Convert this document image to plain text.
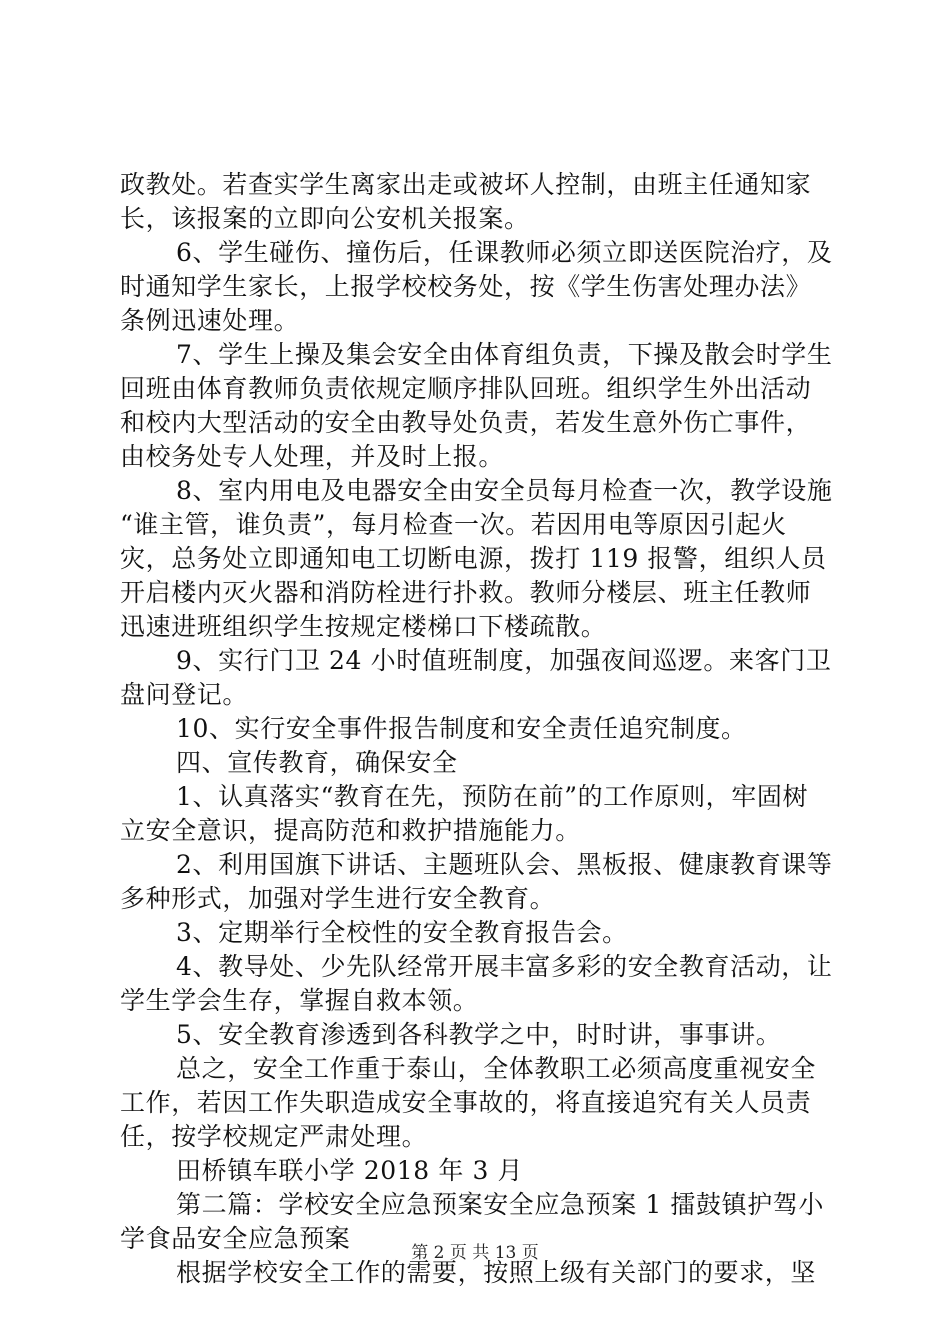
政教处。若查实学生离家出走或被坏人控制，由班主任通知家
长，该报案的立即向公安机关报案。
6、学生碰伤、撞伤后，任课教师必须立即送医院治疗，及
时通知学生家长，上报学校校务处，按《学生伤害处理办法》
条例迅速处理。
7、学生上操及集会安全由体育组负责，下操及散会时学生
回班由体育教师负责依规定顺序排队回班。组织学生外出活动
和校内大型活动的安全由教导处负责，若发生意外伤亡事件，
由校务处专人处理，并及时上报。
8、室内用电及电器安全由安全员每月检查一次，教学设施
“谁主管，谁负责”，每月检查一次。若因用电等原因引起火
灾，总务处立即通知电工切断电源，拨打 119 报警，组织人员
开启楼内灭火器和消防栓进行扑救。教师分楼层、班主任教师
迅速进班组织学生按规定楼梯口下楼疏散。
9、实行门卫 24 小时值班制度，加强夜间巡逻。来客门卫
盘问登记。
10、实行安全事件报告制度和安全责任追究制度。
四、宣传教育，确保安全
1、认真落实“教育在先，预防在前”的工作原则，牢固树
立安全意识，提高防范和救护措施能力。
2、利用国旗下讲话、主题班队会、黑板报、健康教育课等
多种形式，加强对学生进行安全教育。
3、定期举行全校性的安全教育报告会。
4、教导处、少先队经常开展丰富多彩的安全教育活动，让
学生学会生存，掌握自救本领。
5、安全教育渗透到各科教学之中，时时讲，事事讲。
总之，安全工作重于泰山，全体教职工必须高度重视安全
工作，若因工作失职造成安全事故的，将直接追究有关人员责
任，按学校规定严肃处理。
田桥镇车联小学 2018 年 3 月
第二篇：学校安全应急预案安全应急预案 1 擂鼓镇护驾小
学食品安全应急预案
根据学校安全工作的需要，按照上级有关部门的要求，坚
第 2 页 共 13 页
